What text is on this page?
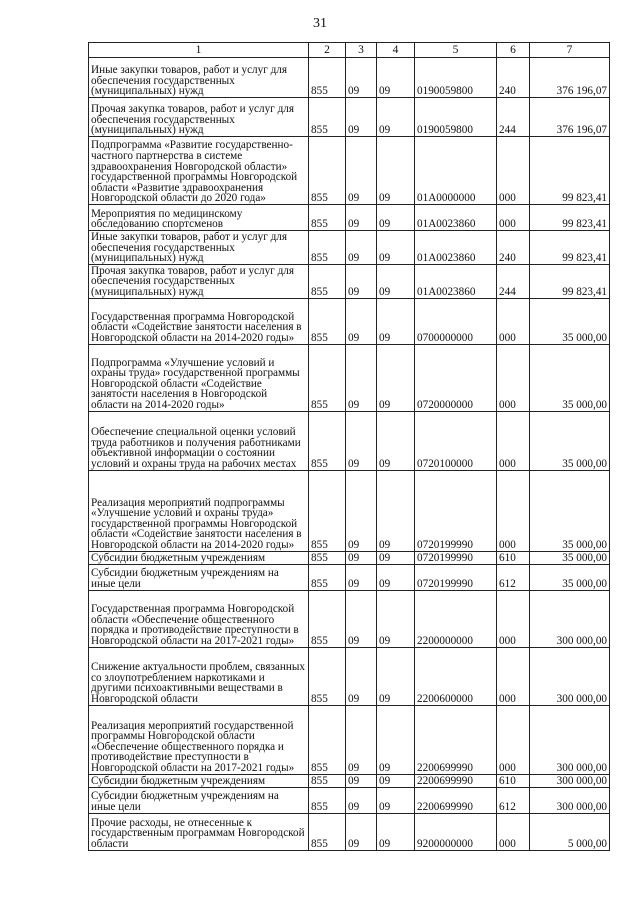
31
1	2	3	4	5	6	7
Иные закупки товаров, работ и услуг для обеспечения государственных (муниципальных) нужд	855	09	09	0190059800	240	376 196,07
Прочая закупка товаров, работ и услуг для обеспечения государственных (муниципальных) нужд	855	09	09	0190059800	244	376 196,07
Подпрограмма «Развитие государственно-частного партнерства в системе здравоохранения Новгородской области» государственной программы Новгородской области «Развитие здравоохранения Новгородской области до 2020 года»	855	09	09	01А0000000	000	99 823,41
Мероприятия по медицинскому обследованию спортсменов	855	09	09	01А0023860	000	99 823,41
Иные закупки товаров, работ и услуг для обеспечения государственных (муниципальных) нужд	855	09	09	01А0023860	240	99 823,41
Прочая закупка товаров, работ и услуг для обеспечения государственных (муниципальных) нужд	855	09	09	01А0023860	244	99 823,41
Государственная программа Новгородской области «Содействие занятости населения в Новгородской области на 2014-2020 годы»	855	09	09	0700000000	000	35 000,00
Подпрограмма «Улучшение условий и охраны труда» государственной программы Новгородской области «Содействие занятости населения в Новгородской области на 2014-2020 годы»	855	09	09	0720000000	000	35 000,00
Обеспечение специальной оценки условий труда работников и получения работниками объективной информации о состоянии условий и охраны труда на рабочих местах	855	09	09	0720100000	000	35 000,00
Реализация мероприятий подпрограммы «Улучшение условий и охраны труда» государственной программы Новгородской области «Содействие занятости населения в Новгородской области на 2014-2020 годы»	855	09	09	0720199990	000	35 000,00
Субсидии бюджетным учреждениям	855	09	09	0720199990	610	35 000,00
Субсидии бюджетным учреждениям на иные цели	855	09	09	0720199990	612	35 000,00
Государственная программа Новгородской области «Обеспечение общественного порядка и противодействие преступности в Новгородской области на 2017-2021 годы»	855	09	09	2200000000	000	300 000,00
Снижение актуальности проблем, связанных со злоупотреблением наркотиками и другими психоактивными веществами в Новгородской области	855	09	09	2200600000	000	300 000,00
Реализация мероприятий государственной программы Новгородской области «Обеспечение общественного порядка и противодействие преступности в Новгородской области на 2017-2021 годы»	855	09	09	2200699990	000	300 000,00
Субсидии бюджетным учреждениям	855	09	09	2200699990	610	300 000,00
Субсидии бюджетным учреждениям на иные цели	855	09	09	2200699990	612	300 000,00
Прочие расходы, не отнесенные к государственным программам Новгородской области	855	09	09	9200000000	000	5 000,00
